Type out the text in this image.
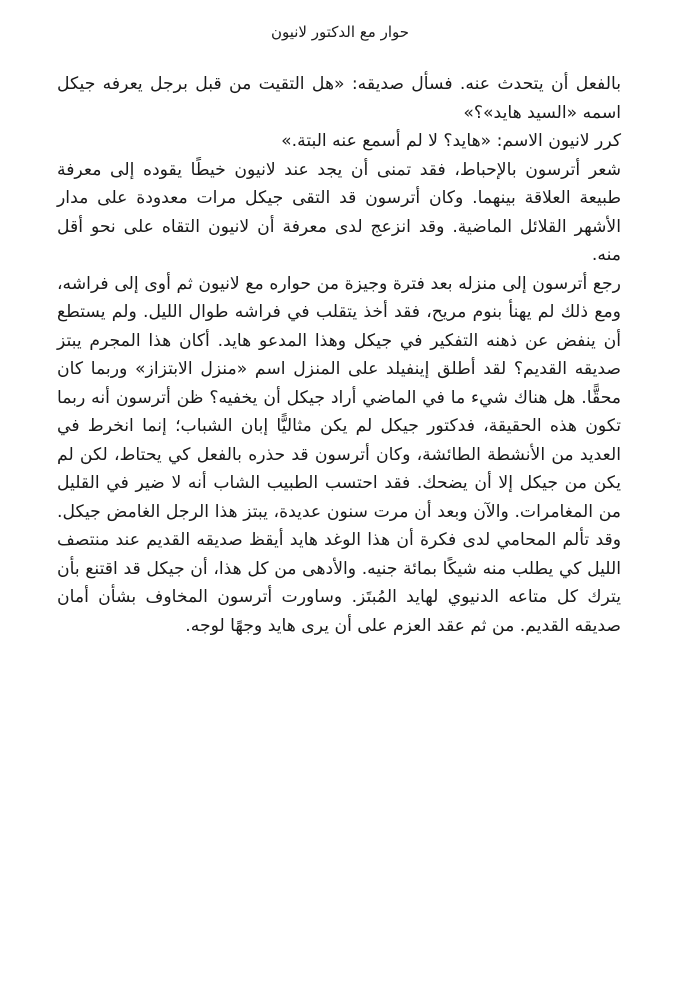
حوار مع الدكتور لانيون

بالفعل أن يتحدث عنه. فسأل صديقه: «هل التقيت من قبل برجل يعرفه جيكل اسمه «السيد هايد»؟»

كرر لانيون الاسم: «هايد؟ لا لم أسمع عنه البتة.»

شعر أترسون بالإحباط، فقد تمنى أن يجد عند لانيون خيطًا يقوده إلى معرفة طبيعة العلاقة بينهما. وكان أترسون قد التقى جيكل مرات معدودة على مدار الأشهر القلائل الماضية. وقد انزعج لدى معرفة أن لانيون التقاه على نحو أقل منه.

رجع أترسون إلى منزله بعد فترة وجيزة من حواره مع لانيون ثم أوى إلى فراشه، ومع ذلك لم يهنأ بنوم مريح، فقد أخذ يتقلب في فراشه طوال الليل. ولم يستطع أن ينفض عن ذهنه التفكير في جيكل وهذا المدعو هايد. أكان هذا المجرم يبتز صديقه القديم؟ لقد أطلق إينفيلد على المنزل اسم «منزل الابتزاز» وربما كان محقًّا. هل هناك شيء ما في الماضي أراد جيكل أن يخفيه؟ ظن أترسون أنه ربما تكون هذه الحقيقة، فدكتور جيكل لم يكن مثاليًّا إبان الشباب؛ إنما انخرط في العديد من الأنشطة الطائشة، وكان أترسون قد حذره بالفعل كي يحتاط، لكن لم يكن من جيكل إلا أن يضحك. فقد احتسب الطبيب الشاب أنه لا ضير في القليل من المغامرات. والآن وبعد أن مرت سنون عديدة، يبتز هذا الرجل الغامض جيكل. وقد تألم المحامي لدى فكرة أن هذا الوغد هايد أيقظ صديقه القديم عند منتصف الليل كي يطلب منه شيكًا بمائة جنيه. والأدهى من كل هذا، أن جيكل قد اقتنع بأن يترك كل متاعه الدنيوي لهايد المُبتَز. وساورت أترسون المخاوف بشأن أمان صديقه القديم. من ثم عقد العزم على أن يرى هايد وجهًا لوجه.
